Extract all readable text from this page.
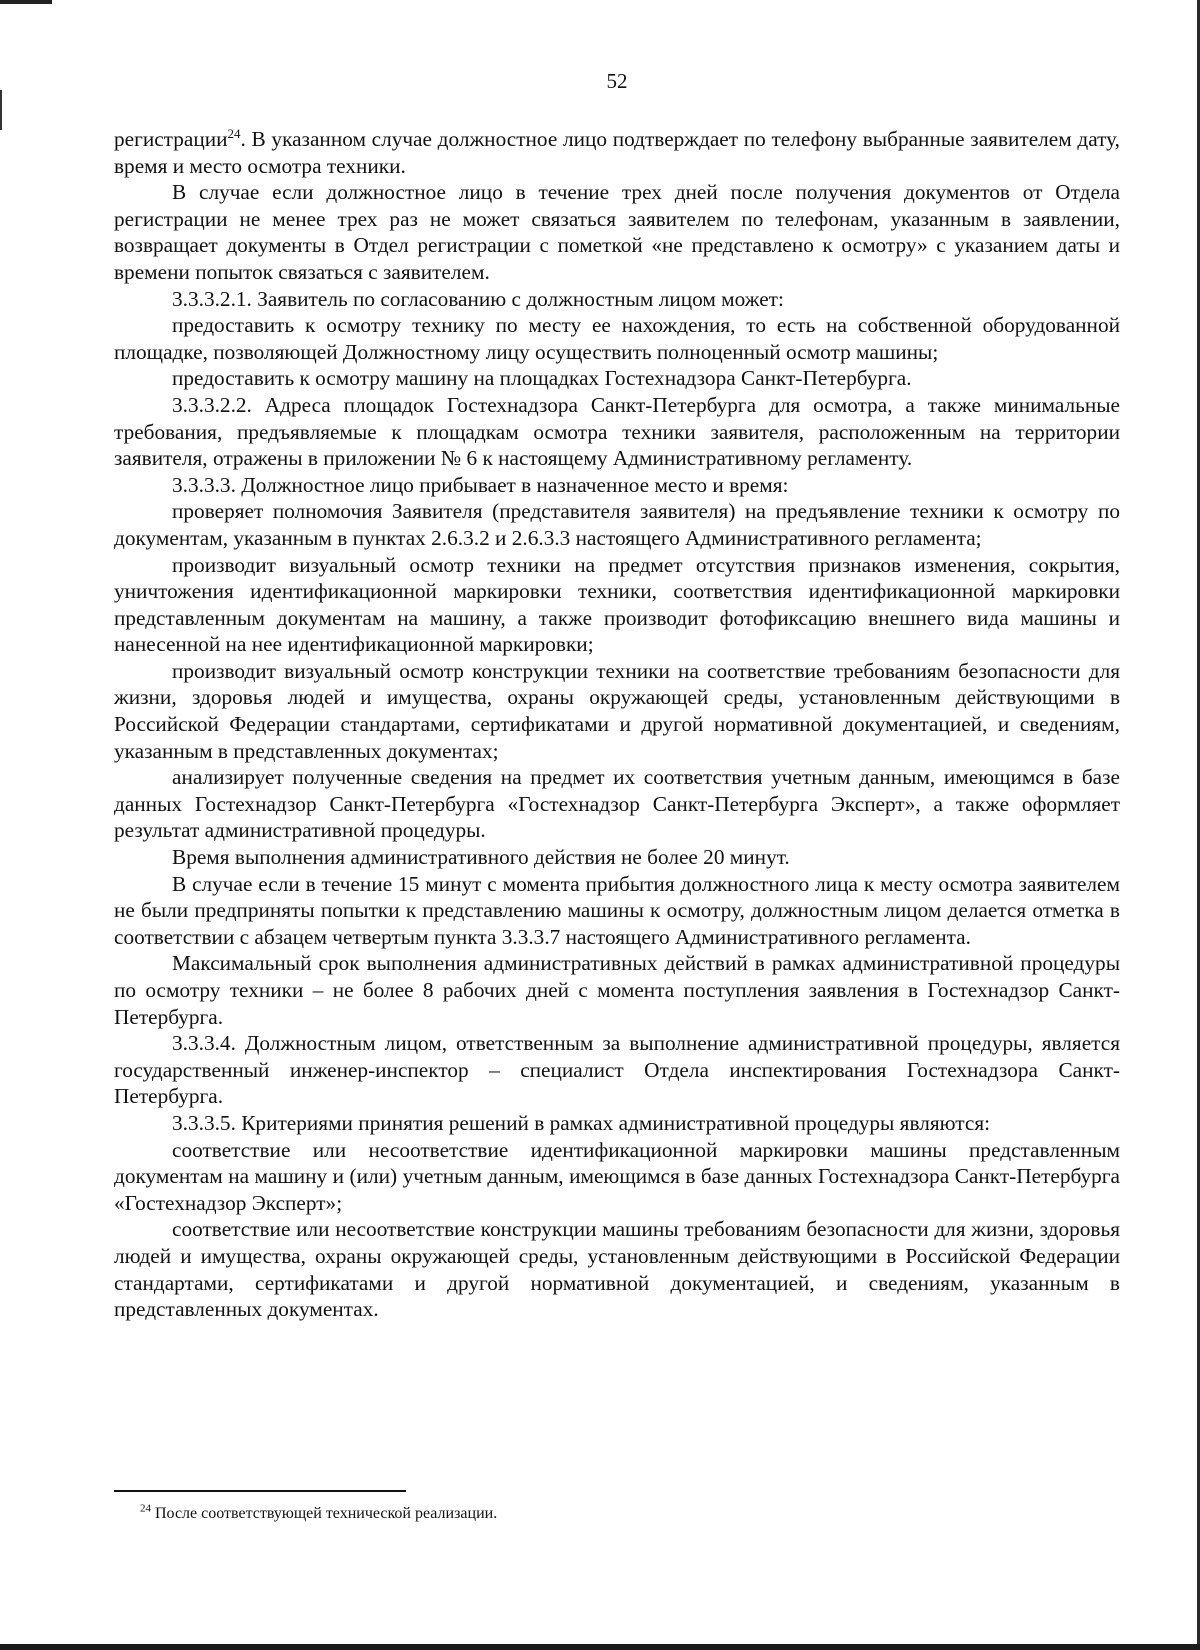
52

регистрации$^{24}$. В указанном случае должностное лицо подтверждает по телефону выбранные заявителем дату, время и место осмотра техники.

В случае если должностное лицо в течение трех дней после получения документов от Отдела регистрации не менее трех раз не может связаться заявителем по телефонам, указанным в заявлении, возвращает документы в Отдел регистрации с пометкой «не представлено к осмотру» с указанием даты и времени попыток связаться с заявителем.

3.3.3.2.1. Заявитель по согласованию с должностным лицом может:

предоставить к осмотру технику по месту ее нахождения, то есть на собственной оборудованной площадке, позволяющей Должностному лицу осуществить полноценный осмотр машины;

предоставить к осмотру машину на площадках Гостехнадзора Санкт-Петербурга.

3.3.3.2.2. Адреса площадок Гостехнадзора Санкт-Петербурга для осмотра, а также минимальные требования, предъявляемые к площадкам осмотра техники заявителя, расположенным на территории заявителя, отражены в приложении № 6 к настоящему Административному регламенту.

3.3.3.3. Должностное лицо прибывает в назначенное место и время:

проверяет полномочия Заявителя (представителя заявителя) на предъявление техники к осмотру по документам, указанным в пунктах 2.6.3.2 и 2.6.3.3 настоящего Административного регламента;

производит визуальный осмотр техники на предмет отсутствия признаков изменения, сокрытия, уничтожения идентификационной маркировки техники, соответствия идентификационной маркировки представленным документам на машину, а также производит фотофиксацию внешнего вида машины и нанесенной на нее идентификационной маркировки;

производит визуальный осмотр конструкции техники на соответствие требованиям безопасности для жизни, здоровья людей и имущества, охраны окружающей среды, установленным действующими в Российской Федерации стандартами, сертификатами и другой нормативной документацией, и сведениям, указанным в представленных документах;

анализирует полученные сведения на предмет их соответствия учетным данным, имеющимся в базе данных Гостехнадзор Санкт-Петербурга «Гостехнадзор Санкт-Петербурга Эксперт», а также оформляет результат административной процедуры.

Время выполнения административного действия не более 20 минут.

В случае если в течение 15 минут с момента прибытия должностного лица к месту осмотра заявителем не были предприняты попытки к представлению машины к осмотру, должностным лицом делается отметка в соответствии с абзацем четвертым пункта 3.3.3.7 настоящего Административного регламента.

Максимальный срок выполнения административных действий в рамках административной процедуры по осмотру техники – не более 8 рабочих дней с момента поступления заявления в Гостехнадзор Санкт-Петербурга.

3.3.3.4. Должностным лицом, ответственным за выполнение административной процедуры, является государственный инженер-инспектор – специалист Отдела инспектирования Гостехнадзора Санкт-Петербурга.

3.3.3.5. Критериями принятия решений в рамках административной процедуры являются:

соответствие или несоответствие идентификационной маркировки машины представленным документам на машину и (или) учетным данным, имеющимся в базе данных Гостехнадзора Санкт-Петербурга «Гостехнадзор Эксперт»;

соответствие или несоответствие конструкции машины требованиям безопасности для жизни, здоровья людей и имущества, охраны окружающей среды, установленным действующими в Российской Федерации стандартами, сертификатами и другой нормативной документацией, и сведениям, указанным в представленных документах.

$^{24}$ После соответствующей технической реализации.
